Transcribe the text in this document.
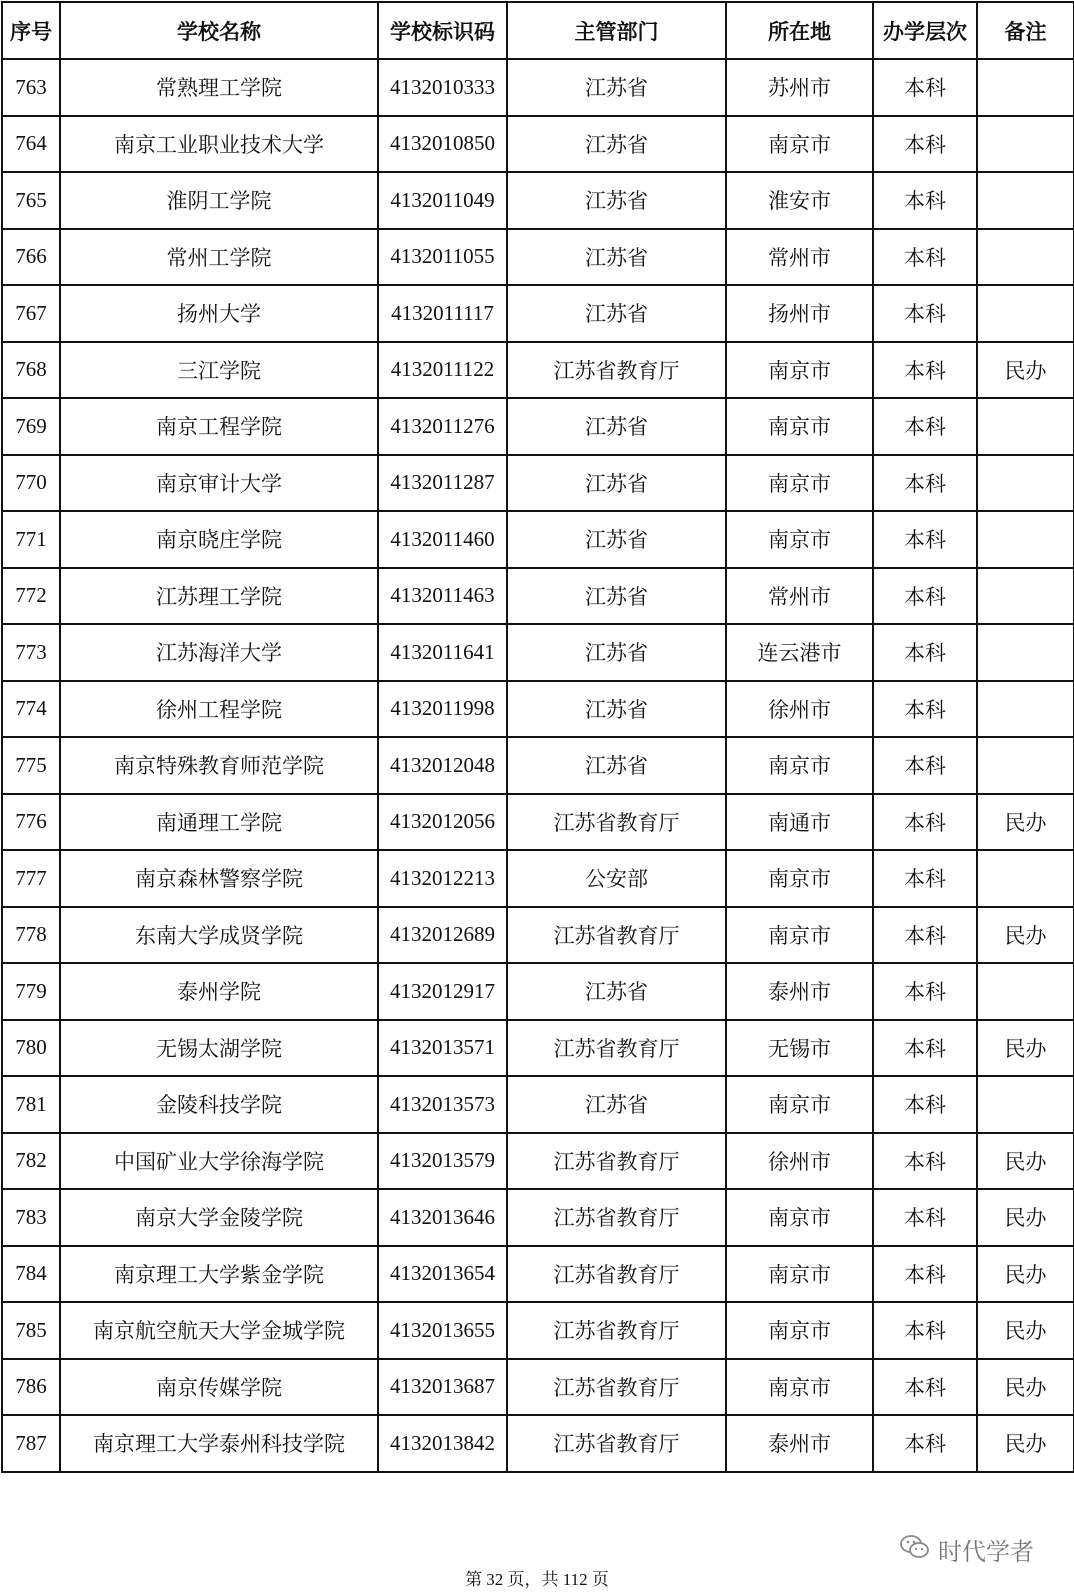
序号	学校名称	学校标识码	主管部门	所在地	办学层次	备注
763	常熟理工学院	4132010333	江苏省	苏州市	本科	
764	南京工业职业技术大学	4132010850	江苏省	南京市	本科	
765	淮阴工学院	4132011049	江苏省	淮安市	本科	
766	常州工学院	4132011055	江苏省	常州市	本科	
767	扬州大学	4132011117	江苏省	扬州市	本科	
768	三江学院	4132011122	江苏省教育厅	南京市	本科	民办
769	南京工程学院	4132011276	江苏省	南京市	本科	
770	南京审计大学	4132011287	江苏省	南京市	本科	
771	南京晓庄学院	4132011460	江苏省	南京市	本科	
772	江苏理工学院	4132011463	江苏省	常州市	本科	
773	江苏海洋大学	4132011641	江苏省	连云港市	本科	
774	徐州工程学院	4132011998	江苏省	徐州市	本科	
775	南京特殊教育师范学院	4132012048	江苏省	南京市	本科	
776	南通理工学院	4132012056	江苏省教育厅	南通市	本科	民办
777	南京森林警察学院	4132012213	公安部	南京市	本科	
778	东南大学成贤学院	4132012689	江苏省教育厅	南京市	本科	民办
779	泰州学院	4132012917	江苏省	泰州市	本科	
780	无锡太湖学院	4132013571	江苏省教育厅	无锡市	本科	民办
781	金陵科技学院	4132013573	江苏省	南京市	本科	
782	中国矿业大学徐海学院	4132013579	江苏省教育厅	徐州市	本科	民办
783	南京大学金陵学院	4132013646	江苏省教育厅	南京市	本科	民办
784	南京理工大学紫金学院	4132013654	江苏省教育厅	南京市	本科	民办
785	南京航空航天大学金城学院	4132013655	江苏省教育厅	南京市	本科	民办
786	南京传媒学院	4132013687	江苏省教育厅	南京市	本科	民办
787	南京理工大学泰州科技学院	4132013842	江苏省教育厅	泰州市	本科	民办
时代学者
第 32 页，共 112 页
